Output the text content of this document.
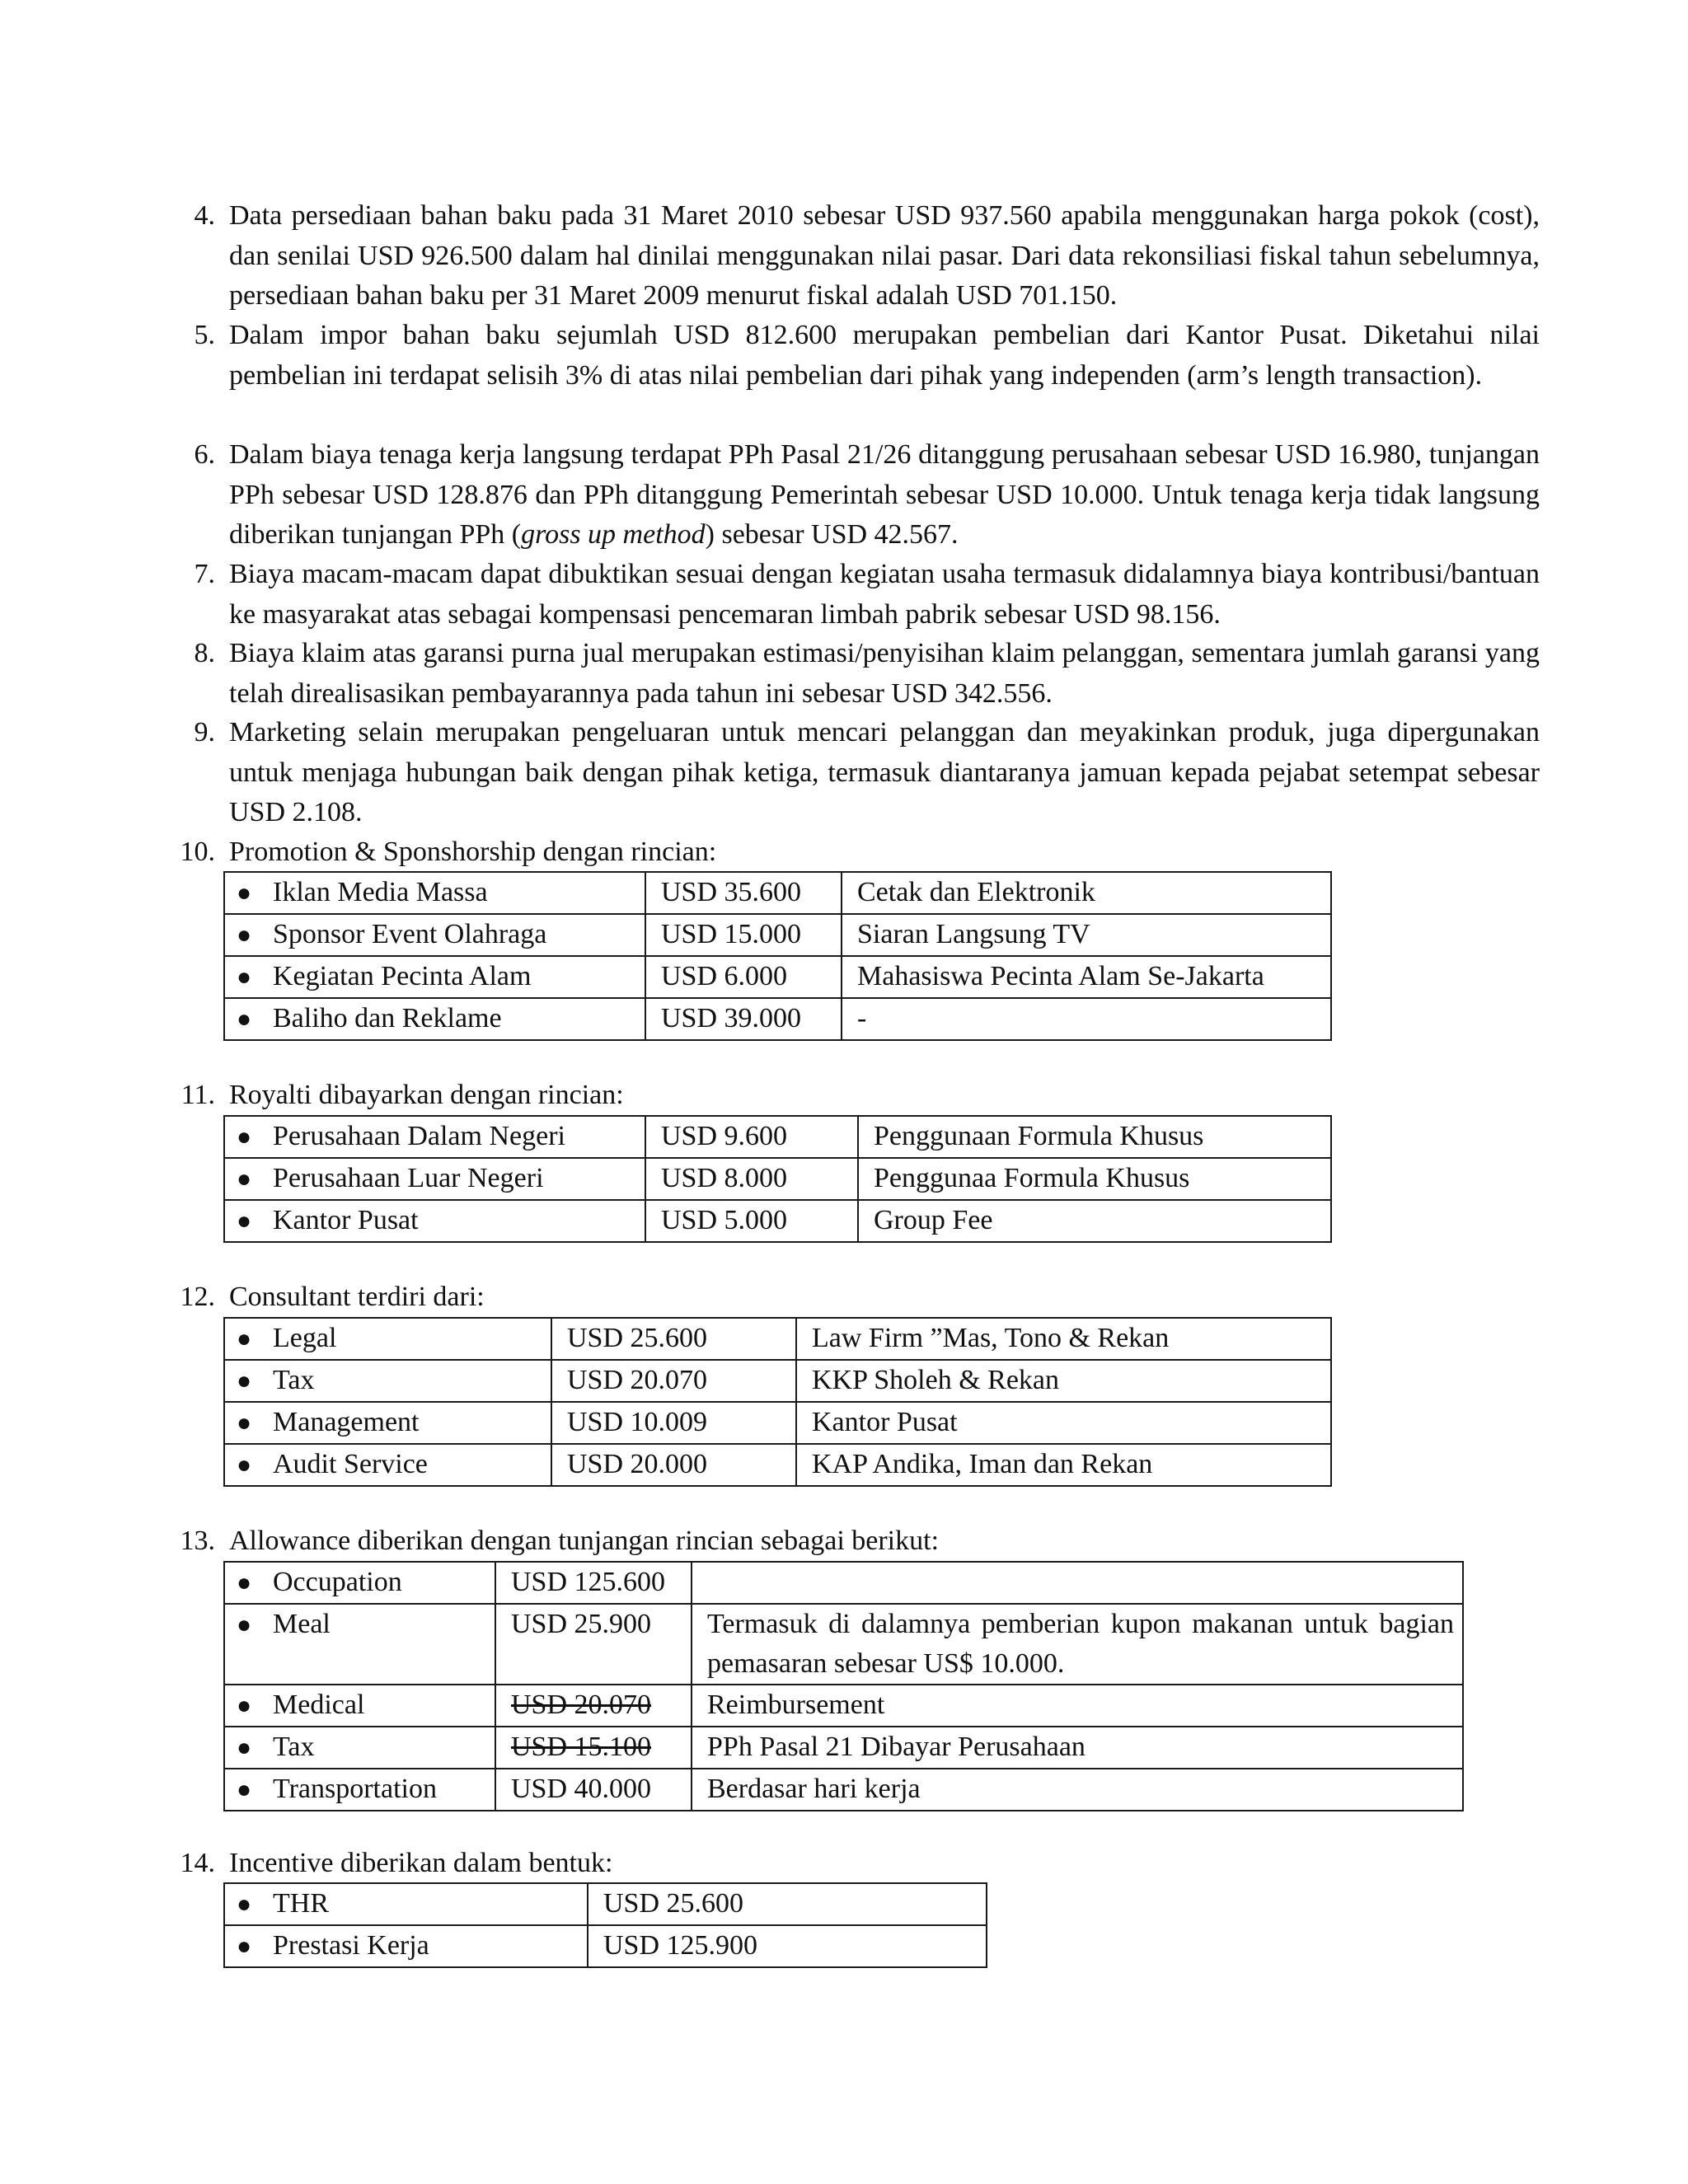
4. Data persediaan bahan baku pada 31 Maret 2010 sebesar USD 937.560 apabila menggunakan harga pokok (cost), dan senilai USD 926.500 dalam hal dinilai menggunakan nilai pasar. Dari data rekonsiliasi fiskal tahun sebelumnya, persediaan bahan baku per 31 Maret 2009 menurut fiskal adalah USD 701.150.

5. Dalam impor bahan baku sejumlah USD 812.600 merupakan pembelian dari Kantor Pusat. Diketahui nilai pembelian ini terdapat selisih 3% di atas nilai pembelian dari pihak yang independen (arm’s length transaction).

6. Dalam biaya tenaga kerja langsung terdapat PPh Pasal 21/26 ditanggung perusahaan sebesar USD 16.980, tunjangan PPh sebesar USD 128.876 dan PPh ditanggung Pemerintah sebesar USD 10.000. Untuk tenaga kerja tidak langsung diberikan tunjangan PPh (gross up method) sebesar USD 42.567.

7. Biaya macam-macam dapat dibuktikan sesuai dengan kegiatan usaha termasuk didalamnya biaya kontribusi/bantuan ke masyarakat atas sebagai kompensasi pencemaran limbah pabrik sebesar USD 98.156.

8. Biaya klaim atas garansi purna jual merupakan estimasi/penyisihan klaim pelanggan, sementara jumlah garansi yang telah direalisasikan pembayarannya pada tahun ini sebesar USD 342.556.

9. Marketing selain merupakan pengeluaran untuk mencari pelanggan dan meyakinkan produk, juga dipergunakan untuk menjaga hubungan baik dengan pihak ketiga, termasuk diantaranya jamuan kepada pejabat setempat sebesar USD 2.108.

10. Promotion & Sponshorship dengan rincian:

● Iklan Media Massa	USD 35.600	Cetak dan Elektronik
● Sponsor Event Olahraga	USD 15.000	Siaran Langsung TV
● Kegiatan Pecinta Alam	USD 6.000	Mahasiswa Pecinta Alam Se-Jakarta
● Baliho dan Reklame	USD 39.000	-
11. Royalti dibayarkan dengan rincian:

● Perusahaan Dalam Negeri	USD 9.600	Penggunaan Formula Khusus
● Perusahaan Luar Negeri	USD 8.000	Penggunaa Formula Khusus
● Kantor Pusat	USD 5.000	Group Fee
12. Consultant terdiri dari:

● Legal	USD 25.600	Law Firm ”Mas, Tono & Rekan
● Tax	USD 20.070	KKP Sholeh & Rekan
● Management	USD 10.009	Kantor Pusat
● Audit Service	USD 20.000	KAP Andika, Iman dan Rekan
13. Allowance diberikan dengan tunjangan rincian sebagai berikut:

● Occupation	USD 125.600	
● Meal	USD 25.900	Termasuk di dalamnya pemberian kupon makanan untuk bagian pemasaran sebesar US$ 10.000.
● Medical	USD 20.070	Reimbursement
● Tax	USD 15.100	PPh Pasal 21 Dibayar Perusahaan
● Transportation	USD 40.000	Berdasar hari kerja
14. Incentive diberikan dalam bentuk:

● THR	USD 25.600
● Prestasi Kerja	USD 125.900
